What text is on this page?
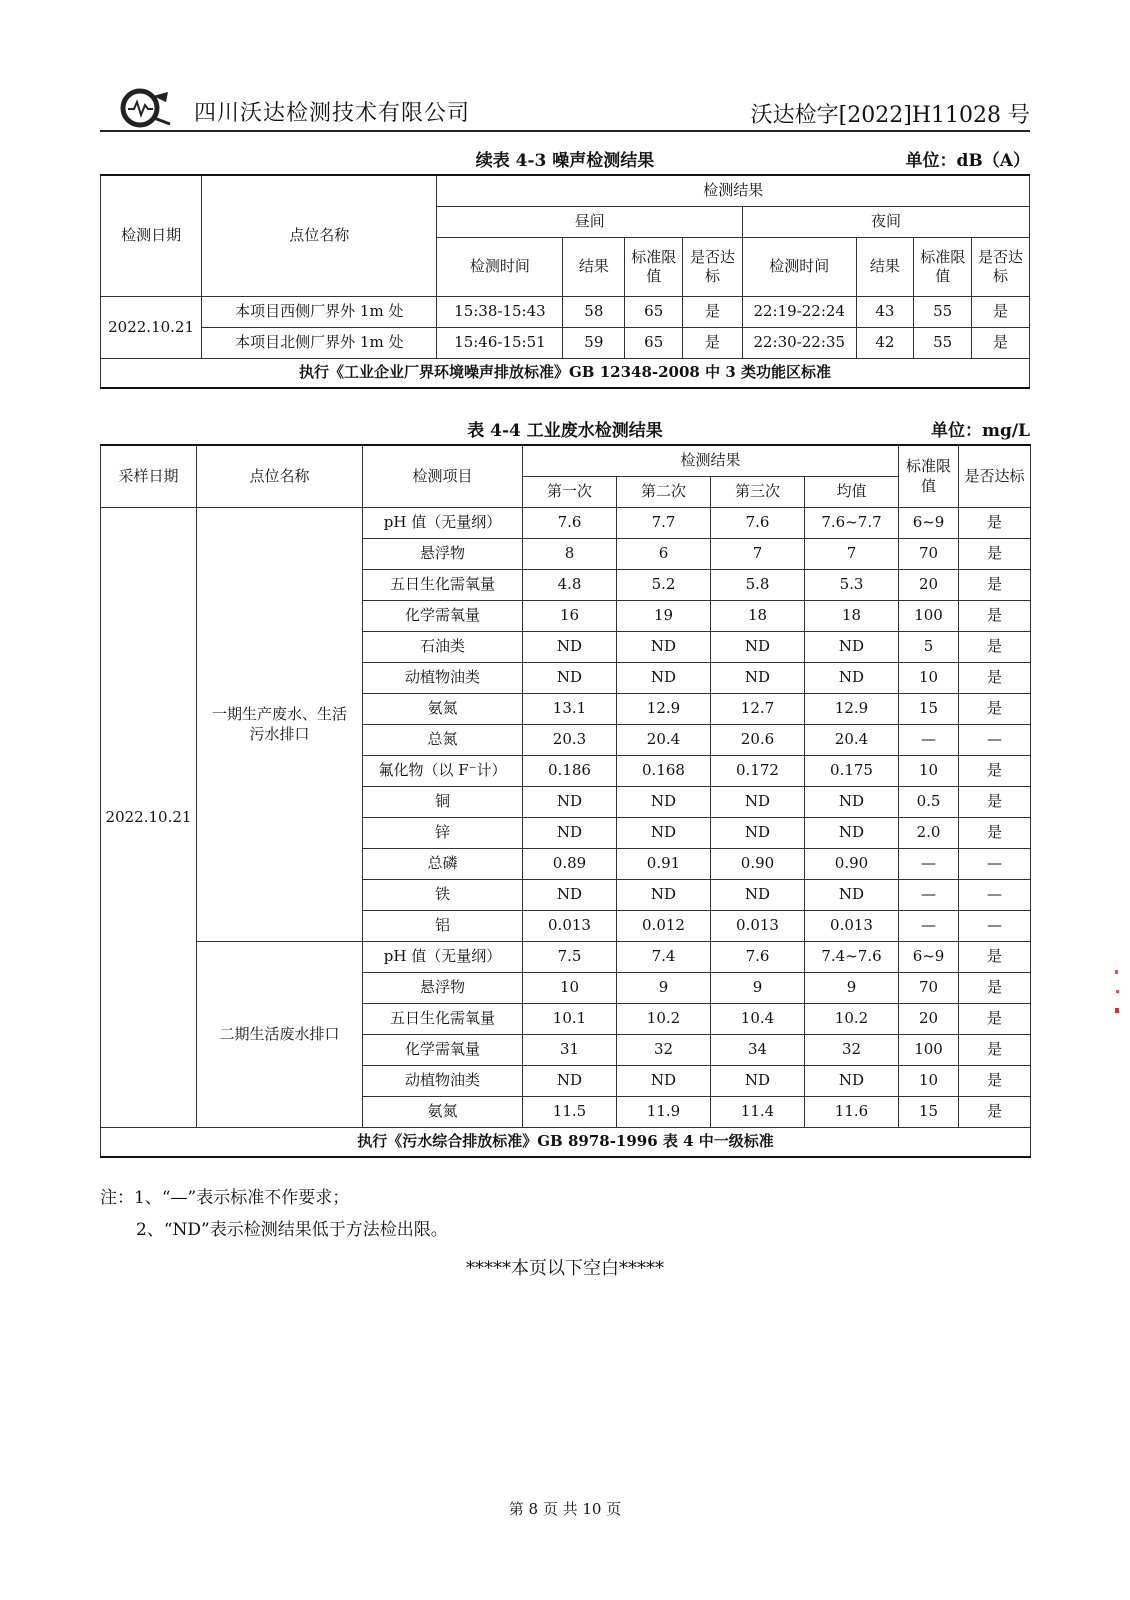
四川沃达检测技术有限公司	沃达检字[2022]H11028 号
续表 4-3 噪声检测结果	单位：dB（A）
检测日期	点位名称	检测结果							
		昼间				夜间			
		检测时间	结果	标准限值	是否达标	检测时间	结果	标准限值	是否达标
2022.10.21	本项目西侧厂界外 1m 处	15:38-15:43	58	65	是	22:19-22:24	43	55	是
	本项目北侧厂界外 1m 处	15:46-15:51	59	65	是	22:30-22:35	42	55	是
执行《工业企业厂界环境噪声排放标准》GB 12348-2008 中 3 类功能区标准									
表 4-4 工业废水检测结果	单位：mg/L
采样日期	点位名称	检测项目	检测结果				标准限值	是否达标
			第一次	第二次	第三次	均值		
2022.10.21	一期生产废水、生活污水排口	pH 值（无量纲）	7.6	7.7	7.6	7.6~7.7	6~9	是
		悬浮物	8	6	7	7	70	是
		五日生化需氧量	4.8	5.2	5.8	5.3	20	是
		化学需氧量	16	19	18	18	100	是
		石油类	ND	ND	ND	ND	5	是
		动植物油类	ND	ND	ND	ND	10	是
		氨氮	13.1	12.9	12.7	12.9	15	是
		总氮	20.3	20.4	20.6	20.4	—	—
		氟化物（以 F⁻计）	0.186	0.168	0.172	0.175	10	是
		铜	ND	ND	ND	ND	0.5	是
		锌	ND	ND	ND	ND	2.0	是
		总磷	0.89	0.91	0.90	0.90	—	—
		铁	ND	ND	ND	ND	—	—
		铝	0.013	0.012	0.013	0.013	—	—
	二期生活废水排口	pH 值（无量纲）	7.5	7.4	7.6	7.4~7.6	6~9	是
		悬浮物	10	9	9	9	70	是
		五日生化需氧量	10.1	10.2	10.4	10.2	20	是
		化学需氧量	31	32	34	32	100	是
		动植物油类	ND	ND	ND	ND	10	是
		氨氮	11.5	11.9	11.4	11.6	15	是
执行《污水综合排放标准》GB 8978-1996 表 4 中一级标准								
注：1、“—”表示标准不作要求；
2、“ND”表示检测结果低于方法检出限。
*****本页以下空白*****
第 8 页 共 10 页
